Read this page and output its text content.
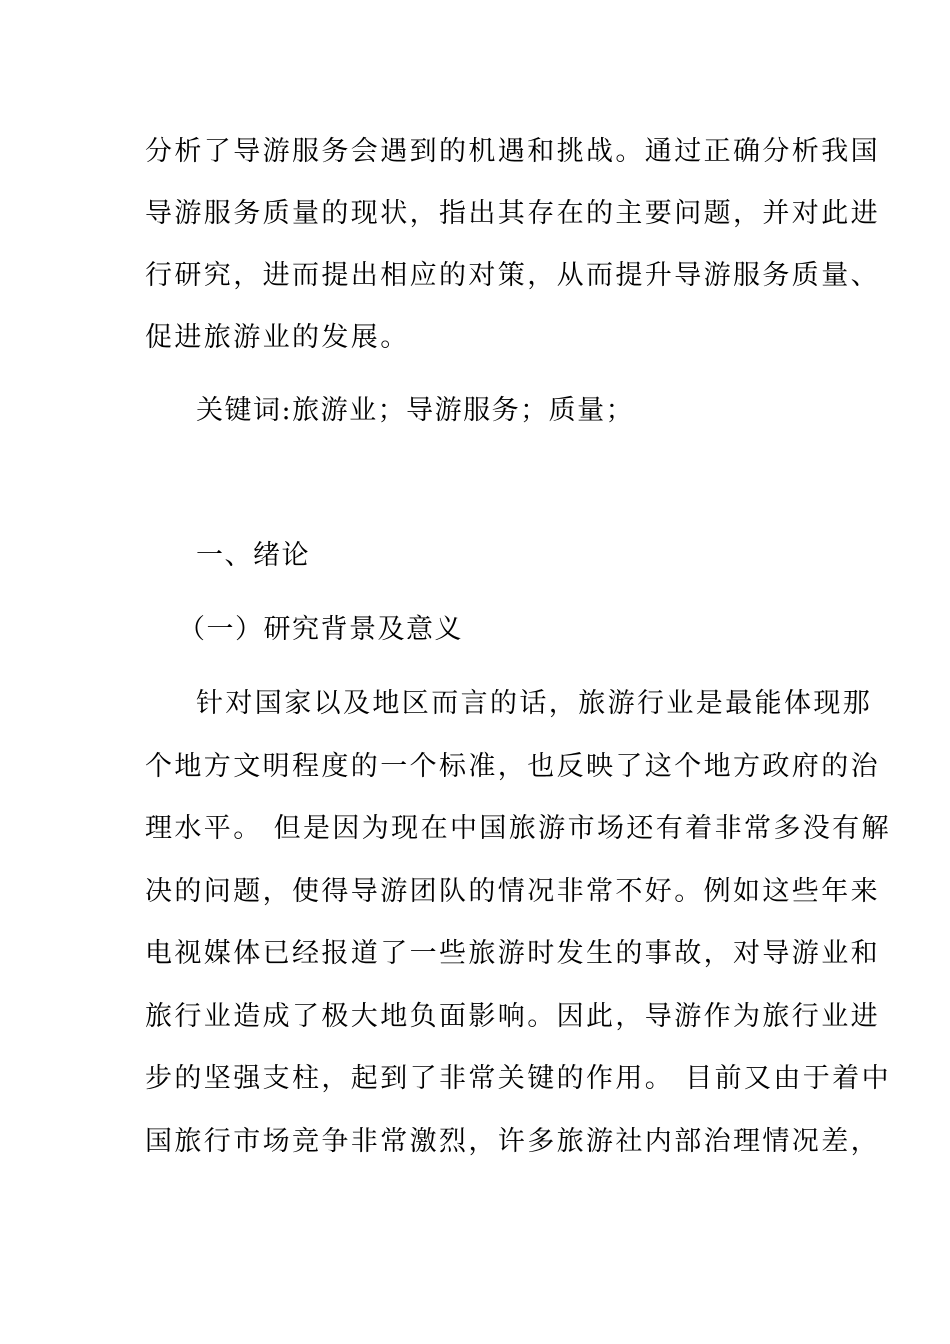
分析了导游服务会遇到的机遇和挑战。通过正确分析我国
导游服务质量的现状，指出其存在的主要问题，并对此进
行研究，进而提出相应的对策，从而提升导游服务质量、
促进旅游业的发展。
关键词:旅游业；导游服务；质量；
一、绪论
（一）研究背景及意义
针对国家以及地区而言的话，旅游行业是最能体现那
个地方文明程度的一个标准，也反映了这个地方政府的治
理水平。 但是因为现在中国旅游市场还有着非常多没有解
决的问题，使得导游团队的情况非常不好。例如这些年来
电视媒体已经报道了一些旅游时发生的事故，对导游业和
旅行业造成了极大地负面影响。因此，导游作为旅行业进
步的坚强支柱，起到了非常关键的作用。 目前又由于着中
国旅行市场竞争非常激烈，许多旅游社内部治理情况差，
